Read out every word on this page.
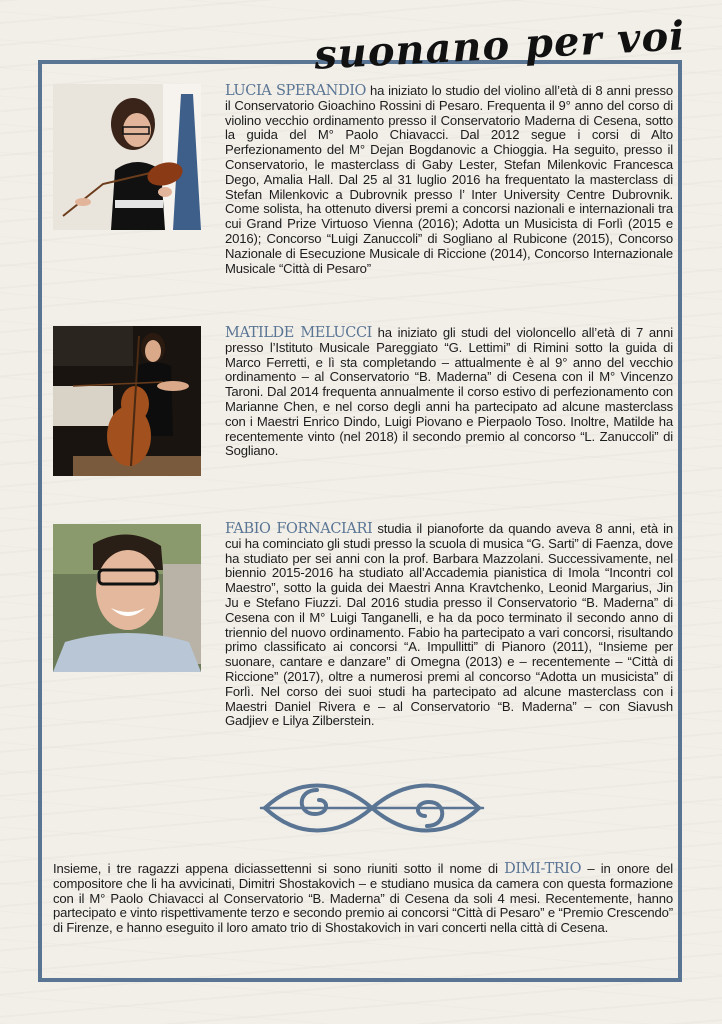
suonano per voi
LUCIA SPERANDIO ha iniziato lo studio del violino all’età di 8 anni presso il Conservatorio Gioachino Rossini di Pesaro. Frequenta il 9° anno del corso di violino vecchio ordinamento presso il Conservatorio Maderna di Cesena, sotto la guida del M° Paolo Chiavacci. Dal 2012 segue i corsi di Alto Perfezionamento del M° Dejan Bogdanovic a Chioggia. Ha seguito, presso il Conservatorio, le masterclass di Gaby Lester, Stefan Milenkovic Francesca Dego, Amalia Hall. Dal 25 al 31 luglio 2016 ha frequentato la masterclass di Stefan Milenkovic a Dubrovnik presso l’ Inter University Centre Dubrovnik. Come solista, ha ottenuto diversi premi a concorsi nazionali e internazionali tra cui Grand Prize Virtuoso Vienna (2016); Adotta un Musicista di Forlì (2015 e 2016); Concorso “Luigi Zanuccoli” di Sogliano al Rubicone (2015), Concorso Nazionale di Esecuzione Musicale di Riccione (2014), Concorso Internazionale Musicale “Città di Pesaro”
MATILDE MELUCCI ha iniziato gli studi del violoncello all’età di 7 anni presso l’Istituto Musicale Pareggiato “G. Lettimi” di Rimini sotto la guida di Marco Ferretti, e lì sta completando – attualmente è al 9° anno del vecchio ordinamento – al Conservatorio “B. Maderna” di Cesena con il M° Vincenzo Taroni. Dal 2014 frequenta annualmente il corso estivo di perfezionamento con Marianne Chen, e nel corso degli anni ha partecipato ad alcune masterclass con i Maestri Enrico Dindo, Luigi Piovano e Pierpaolo Toso. Inoltre, Matilde ha recentemente vinto (nel 2018) il secondo premio al concorso “L. Zanuccoli” di Sogliano.
FABIO FORNACIARI studia il pianoforte da quando aveva 8 anni, età in cui ha cominciato gli studi presso la scuola di musica “G. Sarti” di Faenza, dove ha studiato per sei anni con la prof. Barbara Mazzolani. Successivamente, nel biennio 2015-2016 ha studiato all’Accademia pianistica di Imola “Incontri col Maestro”, sotto la guida dei Maestri Anna Kravtchenko, Leonid Margarius, Jin Ju e Stefano Fiuzzi. Dal 2016 studia presso il Conservatorio “B. Maderna” di Cesena con il M° Luigi Tanganelli, e ha da poco terminato il secondo anno di triennio del nuovo ordinamento. Fabio ha partecipato a vari concorsi, risultando primo classificato ai concorsi “A. Impullitti” di Pianoro (2011), “Insieme per suonare, cantare e danzare” di Omegna (2013) e – recentemente – “Città di Riccione” (2017), oltre a numerosi premi al concorso “Adotta un musicista” di Forlì. Nel corso dei suoi studi ha partecipato ad alcune masterclass con i Maestri Daniel Rivera e – al Conservatorio “B. Maderna” – con Siavush Gadjiev e Lilya Zilberstein.
Insieme, i tre ragazzi appena diciassettenni si sono riuniti sotto il nome di DIMI-TRIO – in onore del compositore che li ha avvicinati, Dimitri Shostakovich – e studiano musica da camera con questa formazione con il M° Paolo Chiavacci al Conservatorio “B. Maderna” di Cesena da soli 4 mesi. Recentemente, hanno partecipato e vinto rispettivamente terzo e secondo premio ai concorsi “Città di Pesaro” e “Premio Crescendo” di Firenze, e hanno eseguito il loro amato trio di Shostakovich in vari concerti nella città di Cesena.
